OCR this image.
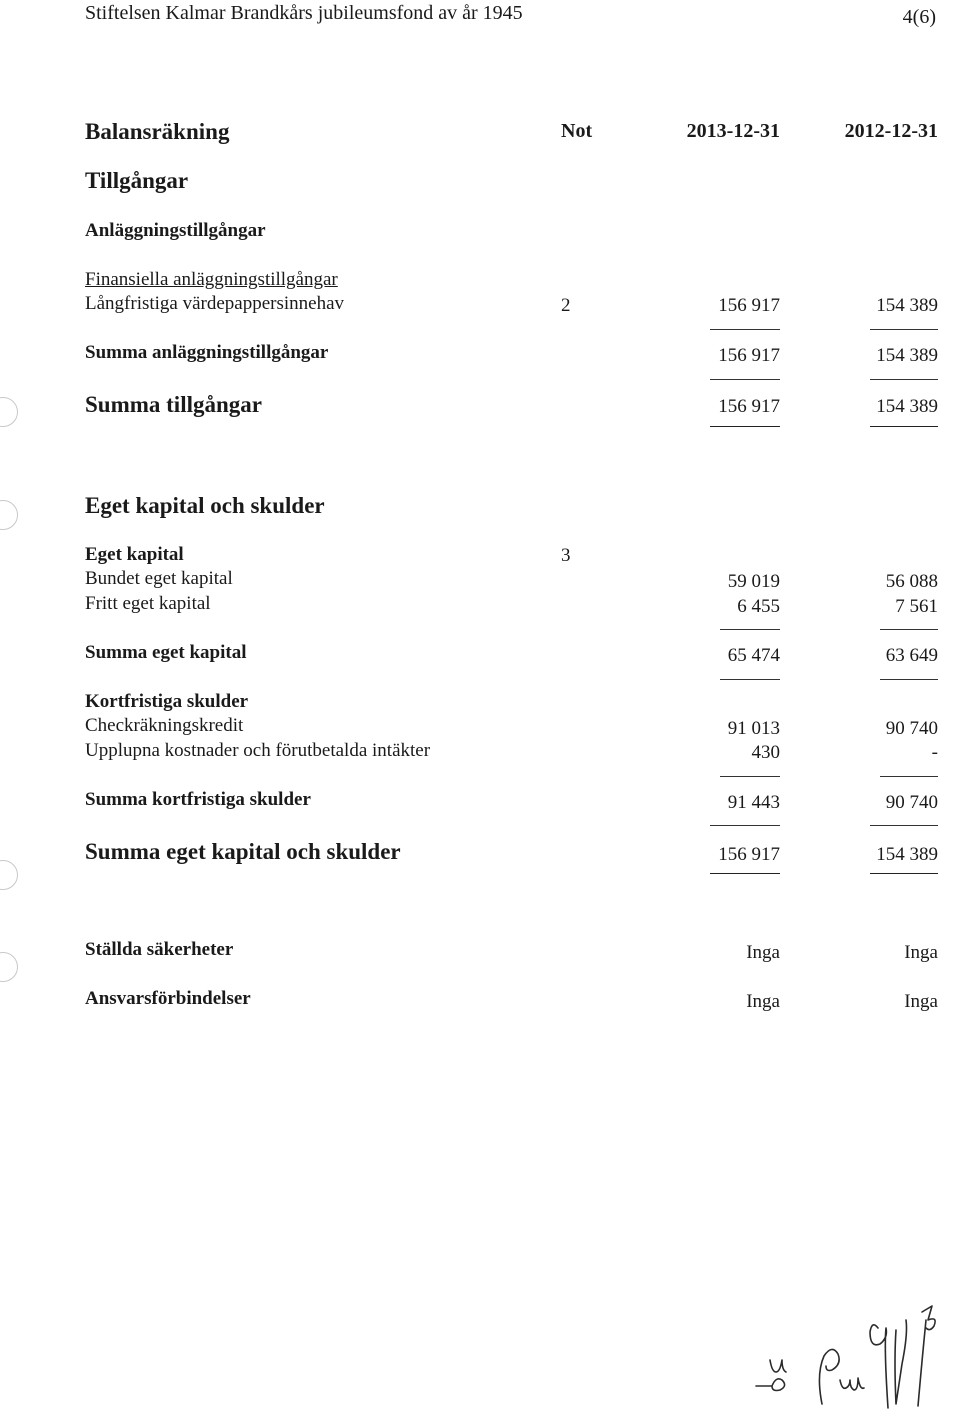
Stiftelsen Kalmar Brandkårs jubileumsfond av år 1945	4(6)
Balansräkning	Not	2013-12-31	2012-12-31
Tillgångar
Anläggningstillgångar
Finansiella anläggningstillgångar
Långfristiga värdepappersinnehav	2	156 917	154 389
Summa anläggningstillgångar	156 917	154 389
Summa tillgångar	156 917	154 389
Eget kapital och skulder
Eget kapital	3
Bundet eget kapital	59 019	56 088
Fritt eget kapital	6 455	7 561
Summa eget kapital	65 474	63 649
Kortfristiga skulder
Checkräkningskredit	91 013	90 740
Upplupna kostnader och förutbetalda intäkter	430	-
Summa kortfristiga skulder	91 443	90 740
Summa eget kapital och skulder	156 917	154 389
Ställda säkerheter	Inga	Inga
Ansvarsförbindelser	Inga	Inga
